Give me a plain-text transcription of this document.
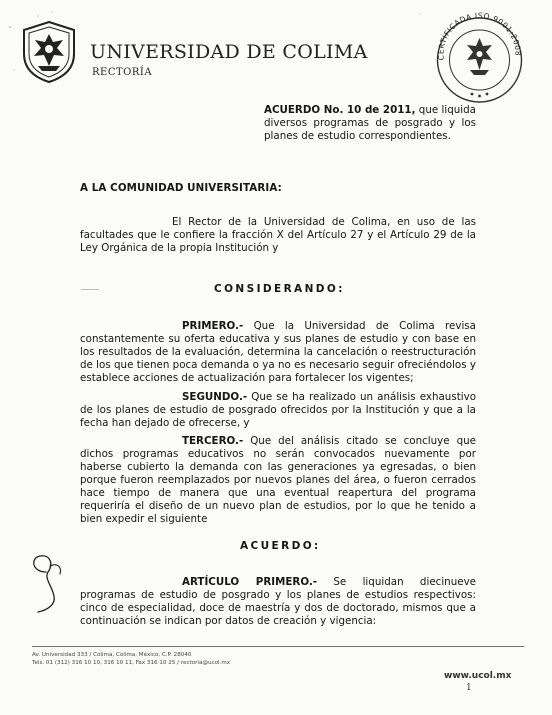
UNIVERSIDAD DE COLIMA
RECTORÍA
CERTIFICADA ISO 9001:2008
ACUERDO No. 10 de 2011, que liquida diversos programas de posgrado y los planes de estudio correspondientes.
A LA COMUNIDAD UNIVERSITARIA:
El Rector de la Universidad de Colima, en uso de las facultades que le confiere la fracción X del Artículo 27 y el Artículo 29 de la Ley Orgánica de la propia Institución y
CONSIDERANDO:
PRIMERO.- Que la Universidad de Colima revisa constantemente su oferta educativa y sus planes de estudio y con base en los resultados de la evaluación, determina la cancelación o reestructuración de los que tienen poca demanda o ya no es necesario seguir ofreciéndolos y establece acciones de actualización para fortalecer los vigentes;
SEGUNDO.- Que se ha realizado un análisis exhaustivo de los planes de estudio de posgrado ofrecidos por la Institución y que a la fecha han dejado de ofrecerse, y
TERCERO.- Que del análisis citado se concluye que dichos programas educativos no serán convocados nuevamente por haberse cubierto la demanda con las generaciones ya egresadas, o bien porque fueron reemplazados por nuevos planes del área, o fueron cerrados hace tiempo de manera que una eventual reapertura del programa requeriría el diseño de un nuevo plan de estudios, por lo que he tenido a bien expedir el siguiente
ACUERDO:
ARTÍCULO PRIMERO.- Se liquidan diecinueve programas de estudio de posgrado y los planes de estudios respectivos: cinco de especialidad, doce de maestría y dos de doctorado, mismos que a continuación se indican por datos de creación y vigencia:
Av. Universidad 333 / Colima, Colima, México, C.P. 28040
Tels. 01 (312) 316 10 10, 316 10 11, Fax 316 10 25 / rectoria@ucol.mx
www.ucol.mx
1
